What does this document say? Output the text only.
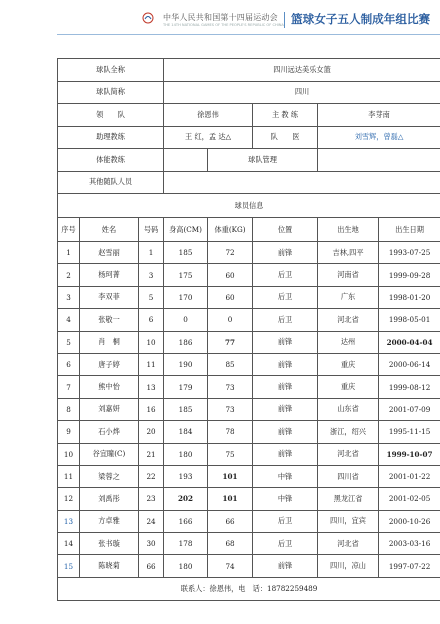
中华人民共和国第十四届运动会
THE 14TH NATIONAL GAMES OF THE PEOPLE'S REPUBLIC OF CHINA 篮球女子五人制成年组比赛
球队全称			四川远达美乐女篮				
球队简称			四川				
领　　队			徐恩伟		主 教 练	李芽南	
助理教练			王 红，孟 达△		队　　医	刘雪辉，曾磊△	
体能教练				球队管理			
其他随队人员							
球员信息							
序号	姓名	号码	身高(CM)	体重(KG)	位置	出生地	出生日期
1	赵雪丽	1	185	72	前锋	吉林,四平	1993-07-25
2	杨珂菁	3	175	60	后卫	河南省	1999-09-28
3	李双菲	5	170	60	后卫	广东	1998-01-20
4	张敬一	6	0	0	后卫	河北省	1998-05-01
5	肖　桐	10	186	77	前锋	达州	2000-04-04
6	唐子婷	11	190	85	前锋	重庆	2000-06-14
7	熊中怡	13	179	73	前锋	重庆	1999-08-12
8	刘嘉妍	16	185	73	前锋	山东省	2001-07-09
9	石小烨	20	184	78	前锋	浙江，绍兴	1995-11-15
10	谷宜瞳(C)	21	180	75	前锋	河北省	1999-10-07
11	梁蓉之	22	193	101	中锋	四川省	2001-01-22
12	刘禹彤	23	202	101	中锋	黑龙江省	2001-02-05
13	方卓雅	24	166	66	后卫	四川，宜宾	2000-10-26
14	张书璇	30	178	68	后卫	河北省	2003-03-16
15	陈晓菊	66	180	74	前锋	四川，凉山	1997-07-22
联系人：徐恩伟，电　话：18782259489							
